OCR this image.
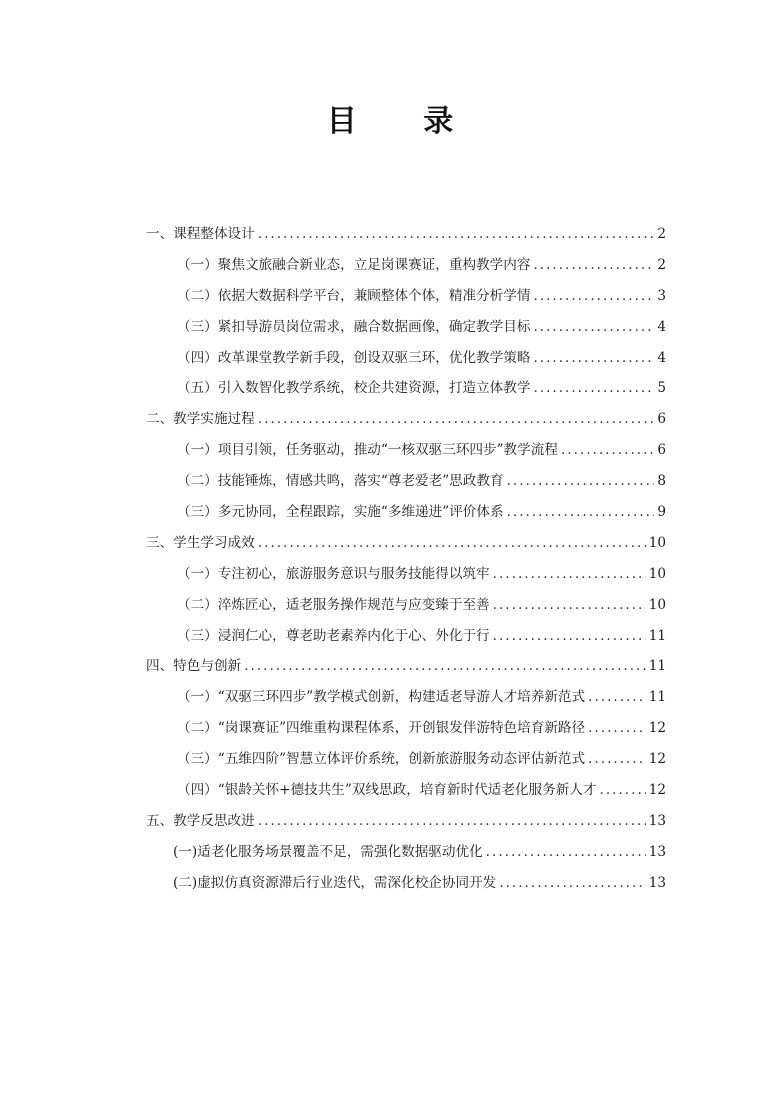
目 录
一、课程整体设计 .....	2
（一）聚焦文旅融合新业态，立足岗课赛证，重构教学内容 .....	2
（二）依据大数据科学平台，兼顾整体个体，精准分析学情 .....	3
（三）紧扣导游员岗位需求，融合数据画像，确定教学目标 .....	4
（四）改革课堂教学新手段，创设双驱三环，优化教学策略 .....	4
（五）引入数智化教学系统，校企共建资源，打造立体教学 .....	5
二、教学实施过程 .....	6
（一）项目引领，任务驱动，推动“一核双驱三环四步”教学流程 .....	6
（二）技能锤炼，情感共鸣，落实“尊老爱老”思政教育 .....	8
（三）多元协同，全程跟踪，实施“多维递进”评价体系 .....	9
三、学生学习成效 .....	10
（一）专注初心，旅游服务意识与服务技能得以筑牢 .....	10
（二）淬炼匠心，适老服务操作规范与应变臻于至善 .....	10
（三）浸润仁心，尊老助老素养内化于心、外化于行 .....	11
四、特色与创新 .....	11
（一）“双驱三环四步”教学模式创新，构建适老导游人才培养新范式 .....	11
（二）“岗课赛证”四维重构课程体系，开创银发伴游特色培育新路径 .....	12
（三）“五维四阶”智慧立体评价系统，创新旅游服务动态评估新范式 .....	12
（四）“银龄关怀+德技共生”双线思政，培育新时代适老化服务新人才 .....	12
五、教学反思改进 .....	13
(一)适老化服务场景覆盖不足，需强化数据驱动优化 .....	13
(二)虚拟仿真资源滞后行业迭代，需深化校企协同开发 .....	13
